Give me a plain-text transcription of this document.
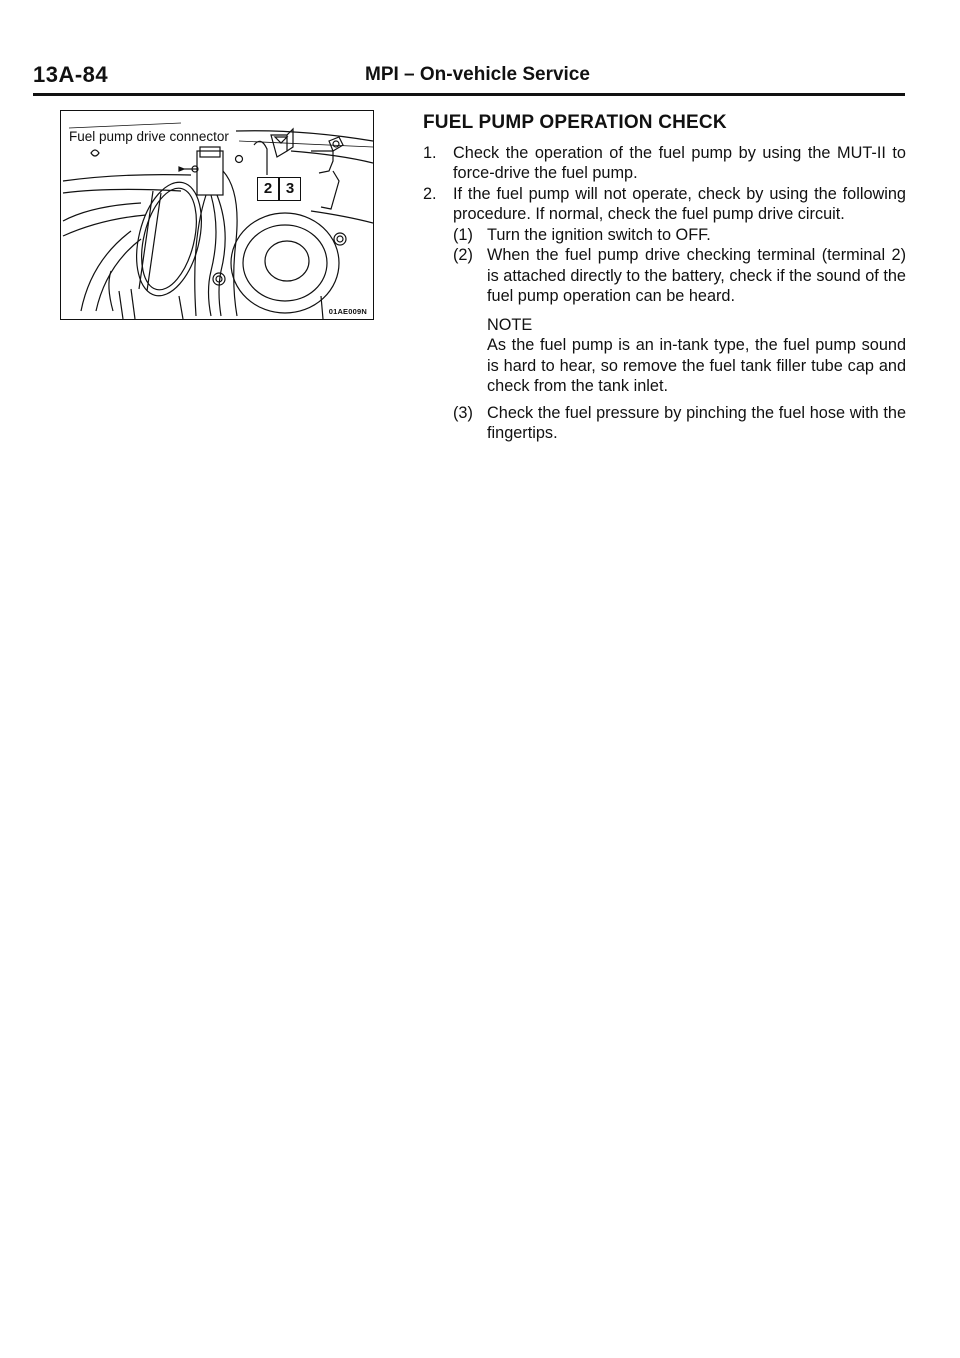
13A-84	MPI – On-vehicle Service
Fuel pump drive connector
2 3
01AE009N
FUEL PUMP OPERATION CHECK
1.	Check the operation of the fuel pump by using the MUT-II to force-drive the fuel pump.
2.	If the fuel pump will not operate, check by using the following procedure. If normal, check the fuel pump drive circuit.
(1) Turn the ignition switch to OFF.
(2) When the fuel pump drive checking terminal (terminal 2) is attached directly to the battery, check if the sound of the fuel pump operation can be heard.
NOTE
As the fuel pump is an in-tank type, the fuel pump sound is hard to hear, so remove the fuel tank filler tube cap and check from the tank inlet.
(3) Check the fuel pressure by pinching the fuel hose with the fingertips.
